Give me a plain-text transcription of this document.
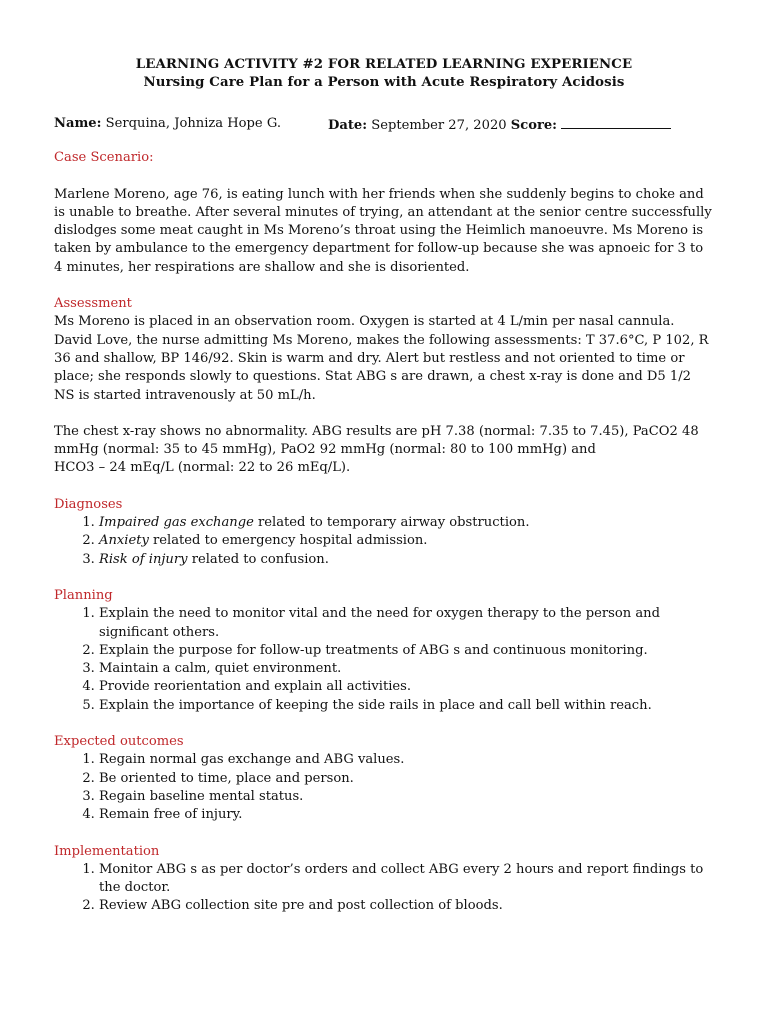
LEARNING ACTIVITY #2 FOR RELATED LEARNING EXPERIENCE
Nursing Care Plan for a Person with Acute Respiratory Acidosis
Name: Serquina, Johniza Hope G.	Date: September 27, 2020 Score:
Case Scenario:

Marlene Moreno, age 76, is eating lunch with her friends when she suddenly begins to choke and is unable to breathe. After several minutes of trying, an attendant at the senior centre successfully dislodges some meat caught in Ms Moreno’s throat using the Heimlich manoeuvre. Ms Moreno is taken by ambulance to the emergency department for follow-up because she was apnoeic for 3 to 4 minutes, her respirations are shallow and she is disoriented.

Assessment

Ms Moreno is placed in an observation room. Oxygen is started at 4 L/min per nasal cannula. David Love, the nurse admitting Ms Moreno, makes the following assessments: T 37.6°C, P 102, R 36 and shallow, BP 146/92. Skin is warm and dry. Alert but restless and not oriented to time or place; she responds slowly to questions. Stat ABG s are drawn, a chest x-ray is done and D5 1/2 NS is started intravenously at 50 mL/h.

The chest x-ray shows no abnormality. ABG results are pH 7.38 (normal: 7.35 to 7.45), PaCO2 48 mmHg (normal: 35 to 45 mmHg), PaO2 92 mmHg (normal: 80 to 100 mmHg) and

HCO3 – 24 mEq/L (normal: 22 to 26 mEq/L).

Diagnoses
1. Impaired gas exchange related to temporary airway obstruction.
2. Anxiety related to emergency hospital admission.
3. Risk of injury related to confusion.
Planning
1. Explain the need to monitor vital and the need for oxygen therapy to the person and significant others.
2. Explain the purpose for follow-up treatments of ABG s and continuous monitoring.
3. Maintain a calm, quiet environment.
4. Provide reorientation and explain all activities.
5. Explain the importance of keeping the side rails in place and call bell within reach.
Expected outcomes
1. Regain normal gas exchange and ABG values.
2. Be oriented to time, place and person.
3. Regain baseline mental status.
4. Remain free of injury.
Implementation
1. Monitor ABG s as per doctor’s orders and collect ABG every 2 hours and report findings to the doctor.
2. Review ABG collection site pre and post collection of bloods.
